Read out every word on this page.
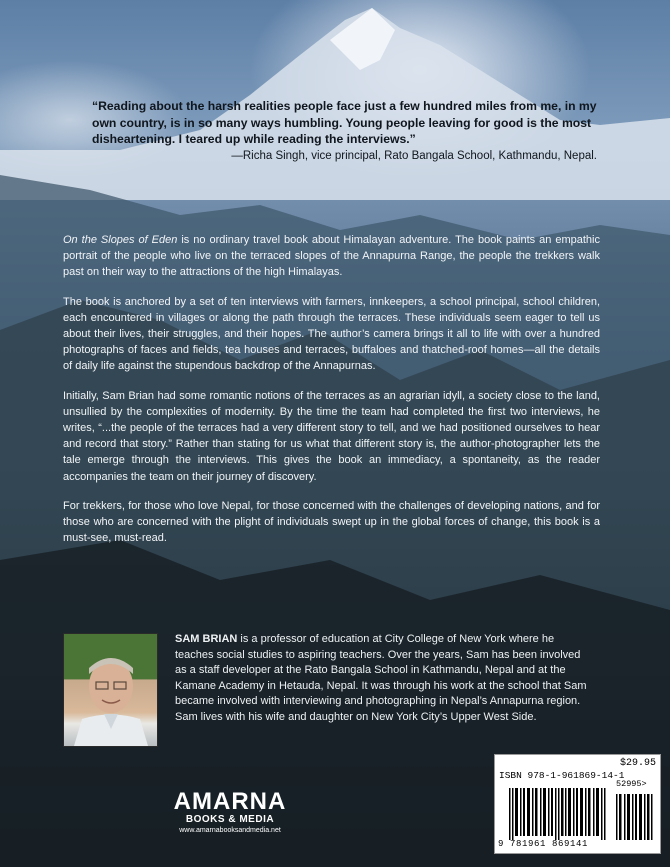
“Reading about the harsh realities people face just a few hundred miles from me, in my own country, is in so many ways humbling. Young people leaving for good is the most disheartening. I teared up while reading the interviews.”
—Richa Singh, vice principal, Rato Bangala School, Kathmandu, Nepal.

On the Slopes of Eden is no ordinary travel book about Himalayan adventure. The book paints an empathic portrait of the people who live on the terraced slopes of the Annapurna Range, the people the trekkers walk past on their way to the attractions of the high Himalayas.

The book is anchored by a set of ten interviews with farmers, innkeepers, a school principal, school children, each encountered in villages or along the path through the terraces. These individuals seem eager to tell us about their lives, their struggles, and their hopes. The author’s camera brings it all to life with over a hundred photographs of faces and fields, tea houses and terraces, buffaloes and thatched-roof homes—all the details of daily life against the stupendous backdrop of the Annapurnas.

Initially, Sam Brian had some romantic notions of the terraces as an agrarian idyll, a society close to the land, unsullied by the complexities of modernity. By the time the team had completed the first two interviews, he writes, “...the people of the terraces had a very different story to tell, and we had positioned ourselves to hear and record that story.” Rather than stating for us what that different story is, the author-photographer lets the tale emerge through the interviews. This gives the book an immediacy, a spontaneity, as the reader accompanies the team on their journey of discovery.

For trekkers, for those who love Nepal, for those concerned with the challenges of developing nations, and for those who are concerned with the plight of individuals swept up in the global forces of change, this book is a must-see, must-read.

SAM BRIAN is a professor of education at City College of New York where he teaches social studies to aspiring teachers. Over the years, Sam has been involved as a staff developer at the Rato Bangala School in Kathmandu, Nepal and at the Kamane Academy in Hetauda, Nepal. It was through his work at the school that Sam became involved with interviewing and photographing in Nepal’s Annapurna region. Sam lives with his wife and daughter on New York City’s Upper West Side.
AMARNA
BOOKS & MEDIA
www.amarnabooksandmedia.net
$29.95
ISBN 978-1-961869-14-1
52995>
9 781961 869141
